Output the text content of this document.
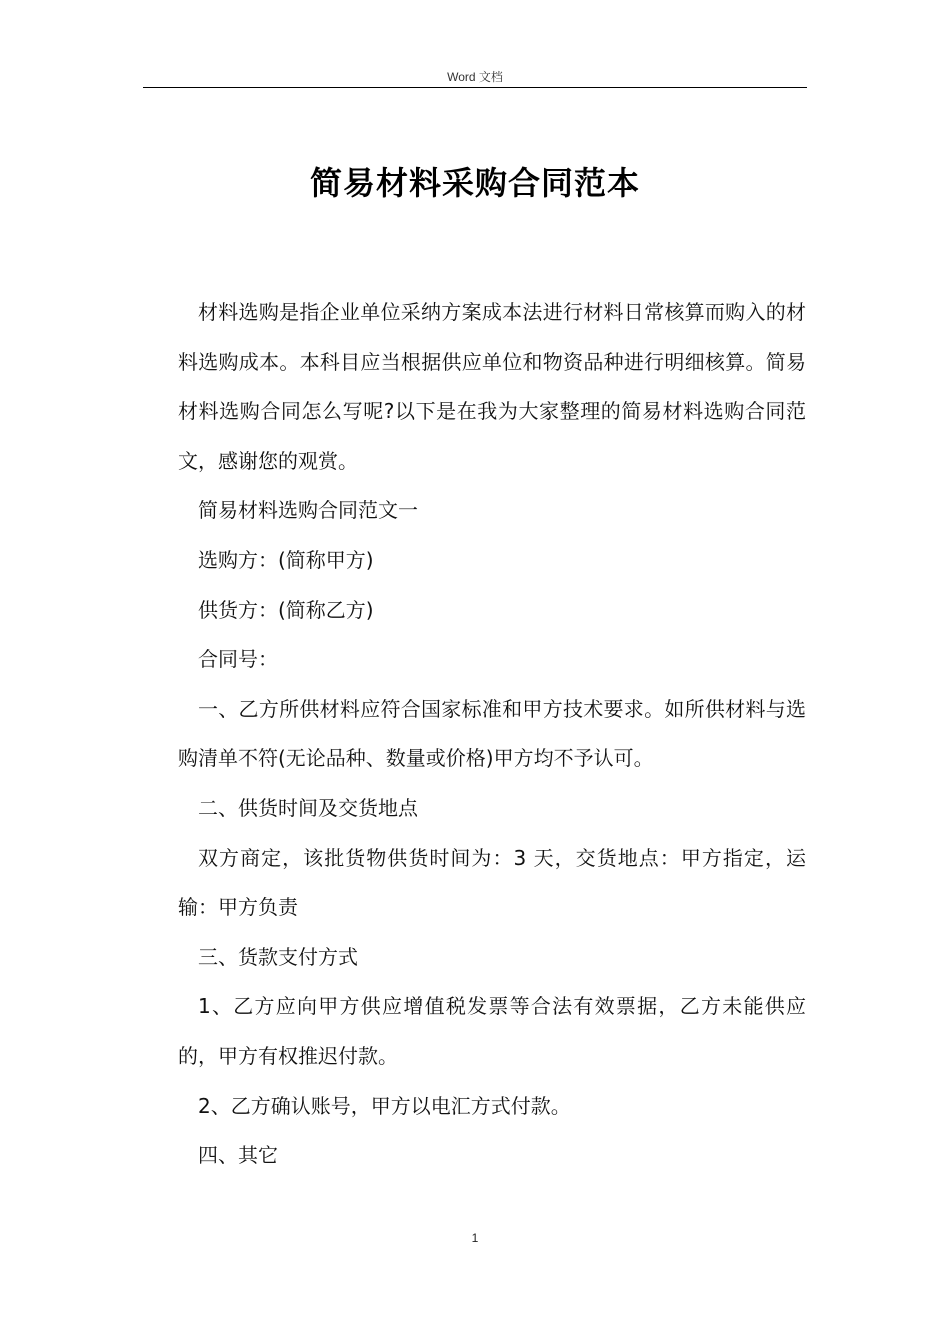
Word 文档
简易材料采购合同范本

材料选购是指企业单位采纳方案成本法进行材料日常核算而购入的材料选购成本。本科目应当根据供应单位和物资品种进行明细核算。简易材料选购合同怎么写呢?以下是在我为大家整理的简易材料选购合同范文，感谢您的观赏。

简易材料选购合同范文一

选购方：(简称甲方)

供货方：(简称乙方)

合同号：

一、乙方所供材料应符合国家标准和甲方技术要求。如所供材料与选购清单不符(无论品种、数量或价格)甲方均不予认可。

二、供货时间及交货地点

双方商定，该批货物供货时间为：3 天，交货地点：甲方指定，运输：甲方负责

三、货款支付方式

1、乙方应向甲方供应增值税发票等合法有效票据，乙方未能供应的，甲方有权推迟付款。

2、乙方确认账号，甲方以电汇方式付款。

四、其它

1
